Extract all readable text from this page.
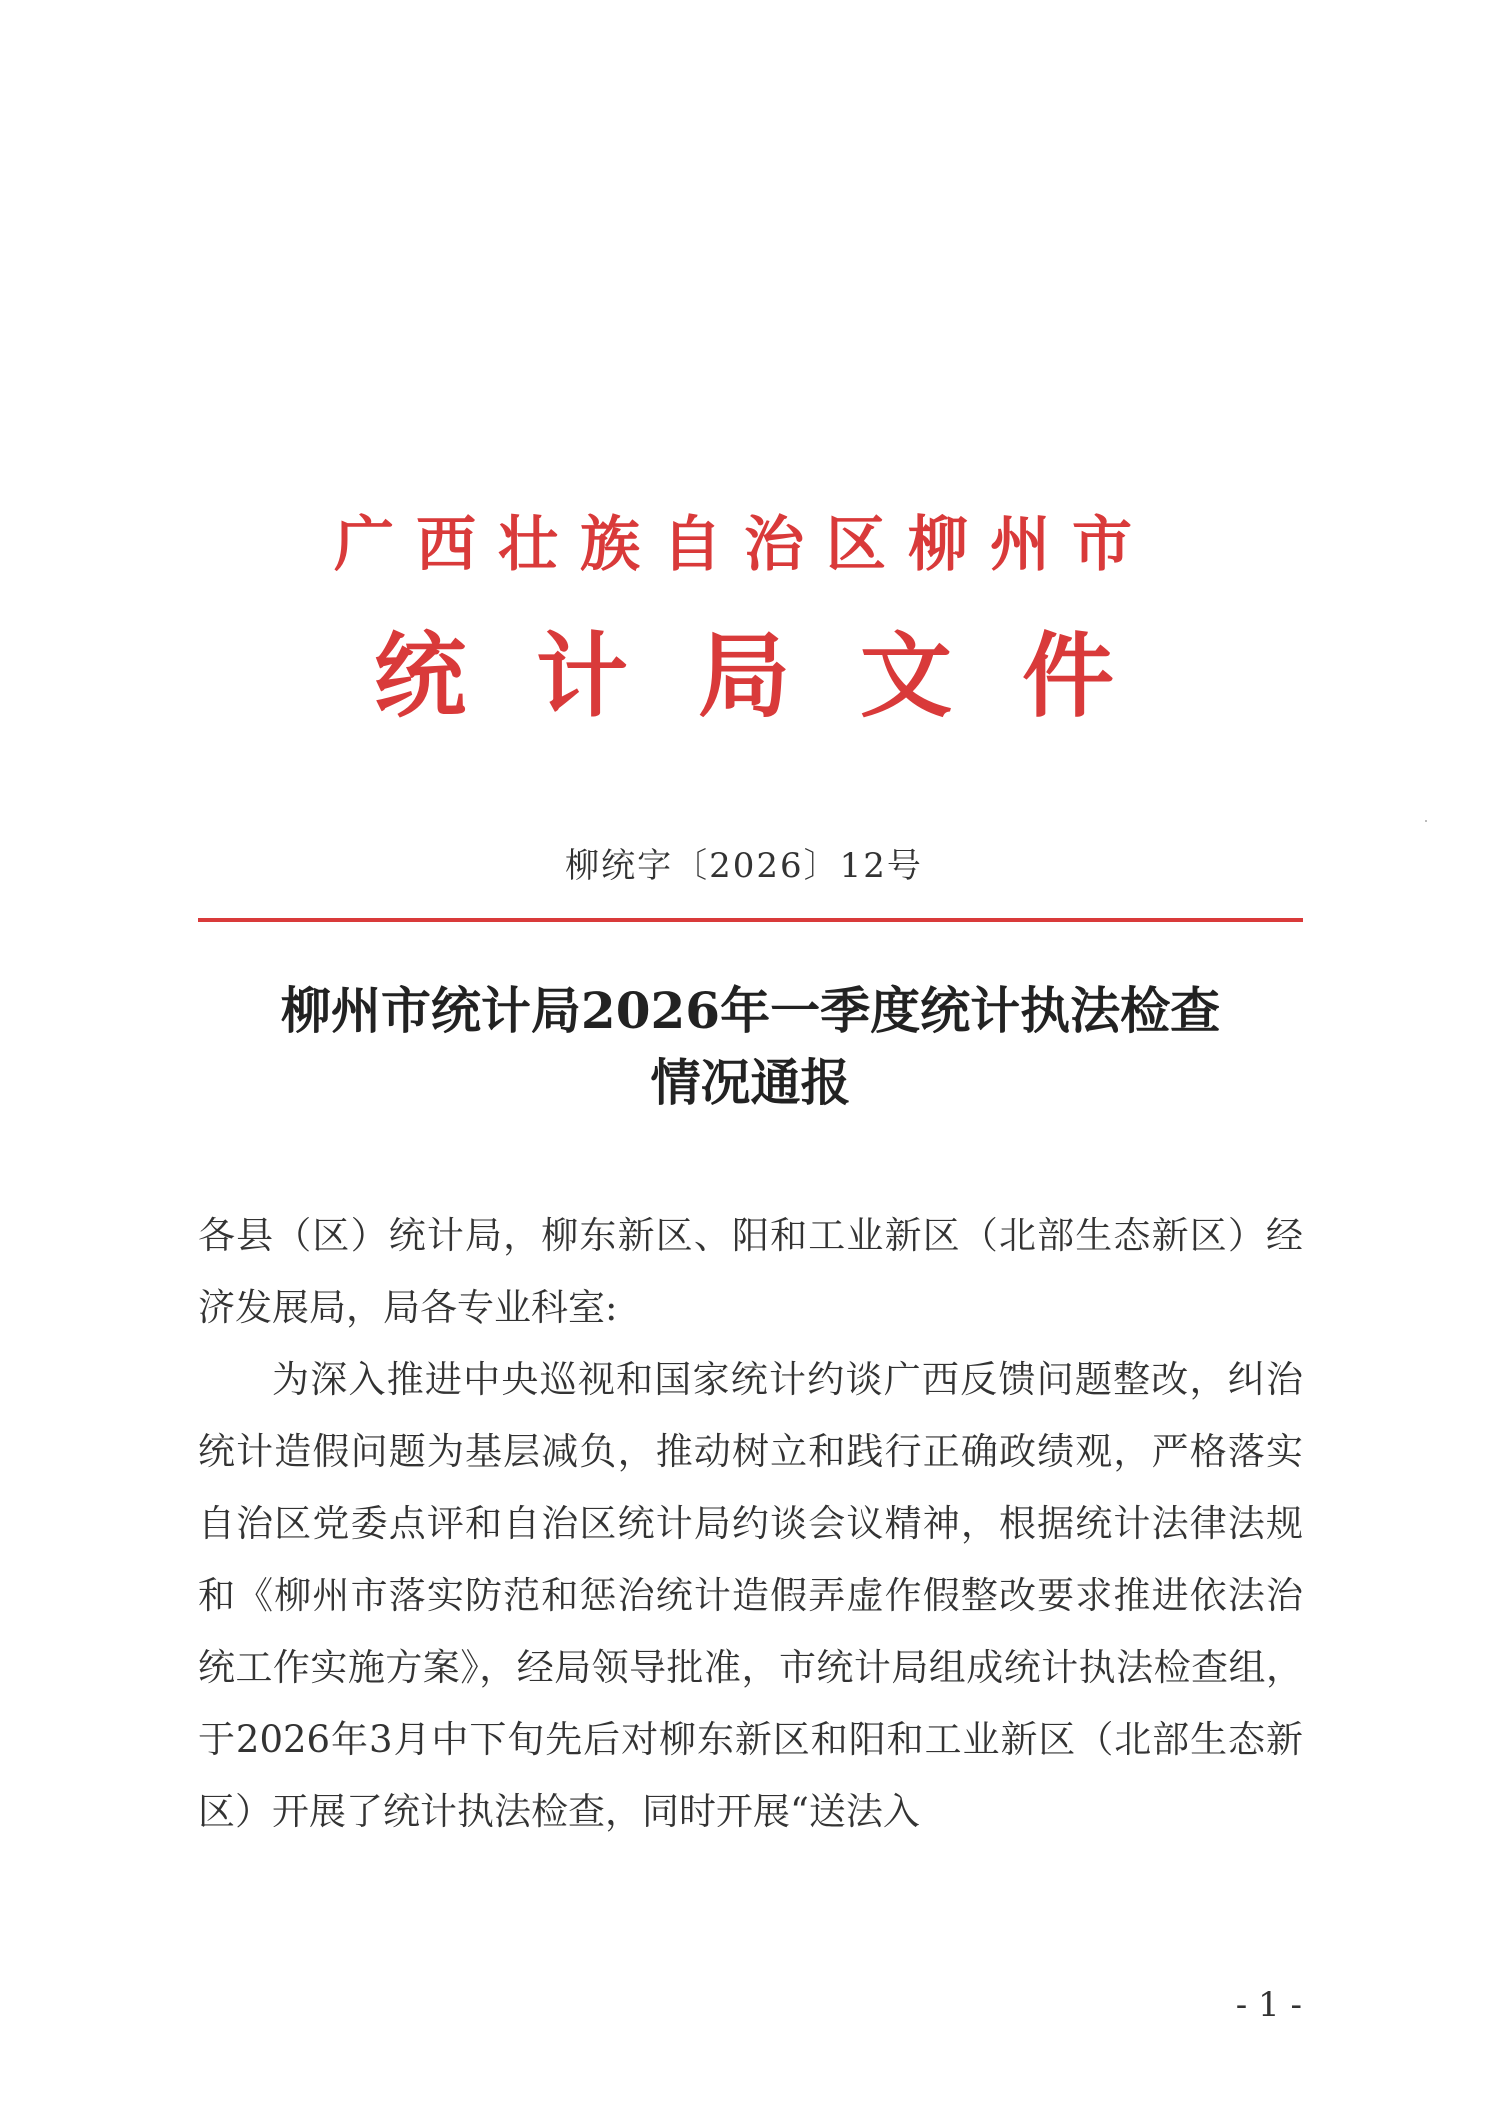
广西壮族自治区柳州市
统计局文件
柳统字〔2026〕12号
柳州市统计局2026年一季度统计执法检查
情况通报

各县（区）统计局，柳东新区、阳和工业新区（北部生态新区）经济发展局，局各专业科室:

为深入推进中央巡视和国家统计约谈广西反馈问题整改，纠治统计造假问题为基层减负，推动树立和践行正确政绩观，严格落实自治区党委点评和自治区统计局约谈会议精神，根据统计法律法规和《柳州市落实防范和惩治统计造假弄虚作假整改要求推进依法治统工作实施方案》，经局领导批准，市统计局组成统计执法检查组，于2026年3月中下旬先后对柳东新区和阳和工业新区（北部生态新区）开展了统计执法检查，同时开展“送法入

- 1 -
